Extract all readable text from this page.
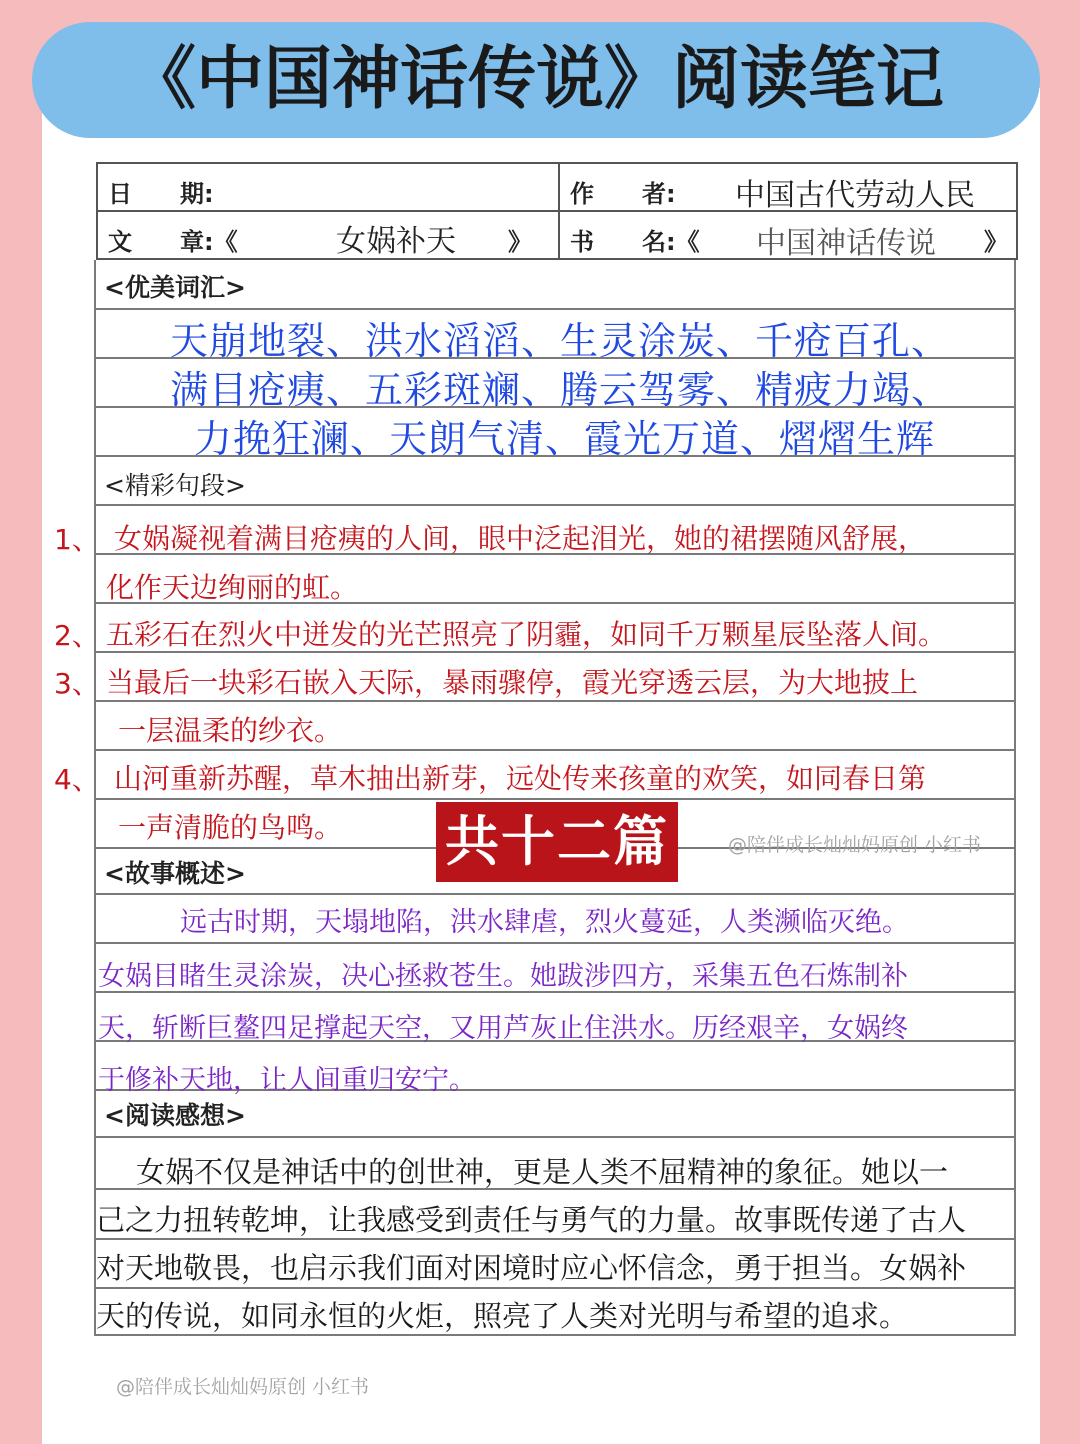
《中国神话传说》阅读笔记
日　　期:	作　　者: 中国古代劳动人民
文　　章:《	女娲补天 》 书　　名:《 中国神话传说 》
<优美词汇>
天崩地裂、洪水滔滔、生灵涂炭、千疮百孔、
满目疮痍、五彩斑斓、腾云驾雾、精疲力竭、
力挽狂澜、天朗气清、霞光万道、熠熠生辉
<精彩句段>
1、 女娲凝视着满目疮痍的人间，眼中泛起泪光，她的裙摆随风舒展，
化作天边绚丽的虹。
2、 五彩石在烈火中迸发的光芒照亮了阴霾，如同千万颗星辰坠落人间。
3、 当最后一块彩石嵌入天际，暴雨骤停，霞光穿透云层，为大地披上
一层温柔的纱衣。
4、 山河重新苏醒，草木抽出新芽，远处传来孩童的欢笑，如同春日第
一声清脆的鸟鸣。 共十二篇	@陪伴成长灿灿妈原创 小红书
<故事概述>
远古时期，天塌地陷，洪水肆虐，烈火蔓延，人类濒临灭绝。
女娲目睹生灵涂炭，决心拯救苍生。她跋涉四方，采集五色石炼制补
天，斩断巨鳌四足撑起天空，又用芦灰止住洪水。历经艰辛，女娲终
于修补天地，让人间重归安宁。
<阅读感想>
女娲不仅是神话中的创世神，更是人类不屈精神的象征。她以一
己之力扭转乾坤，让我感受到责任与勇气的力量。故事既传递了古人
对天地敬畏，也启示我们面对困境时应心怀信念，勇于担当。女娲补
天的传说，如同永恒的火炬，照亮了人类对光明与希望的追求。
@陪伴成长灿灿妈原创 小红书
